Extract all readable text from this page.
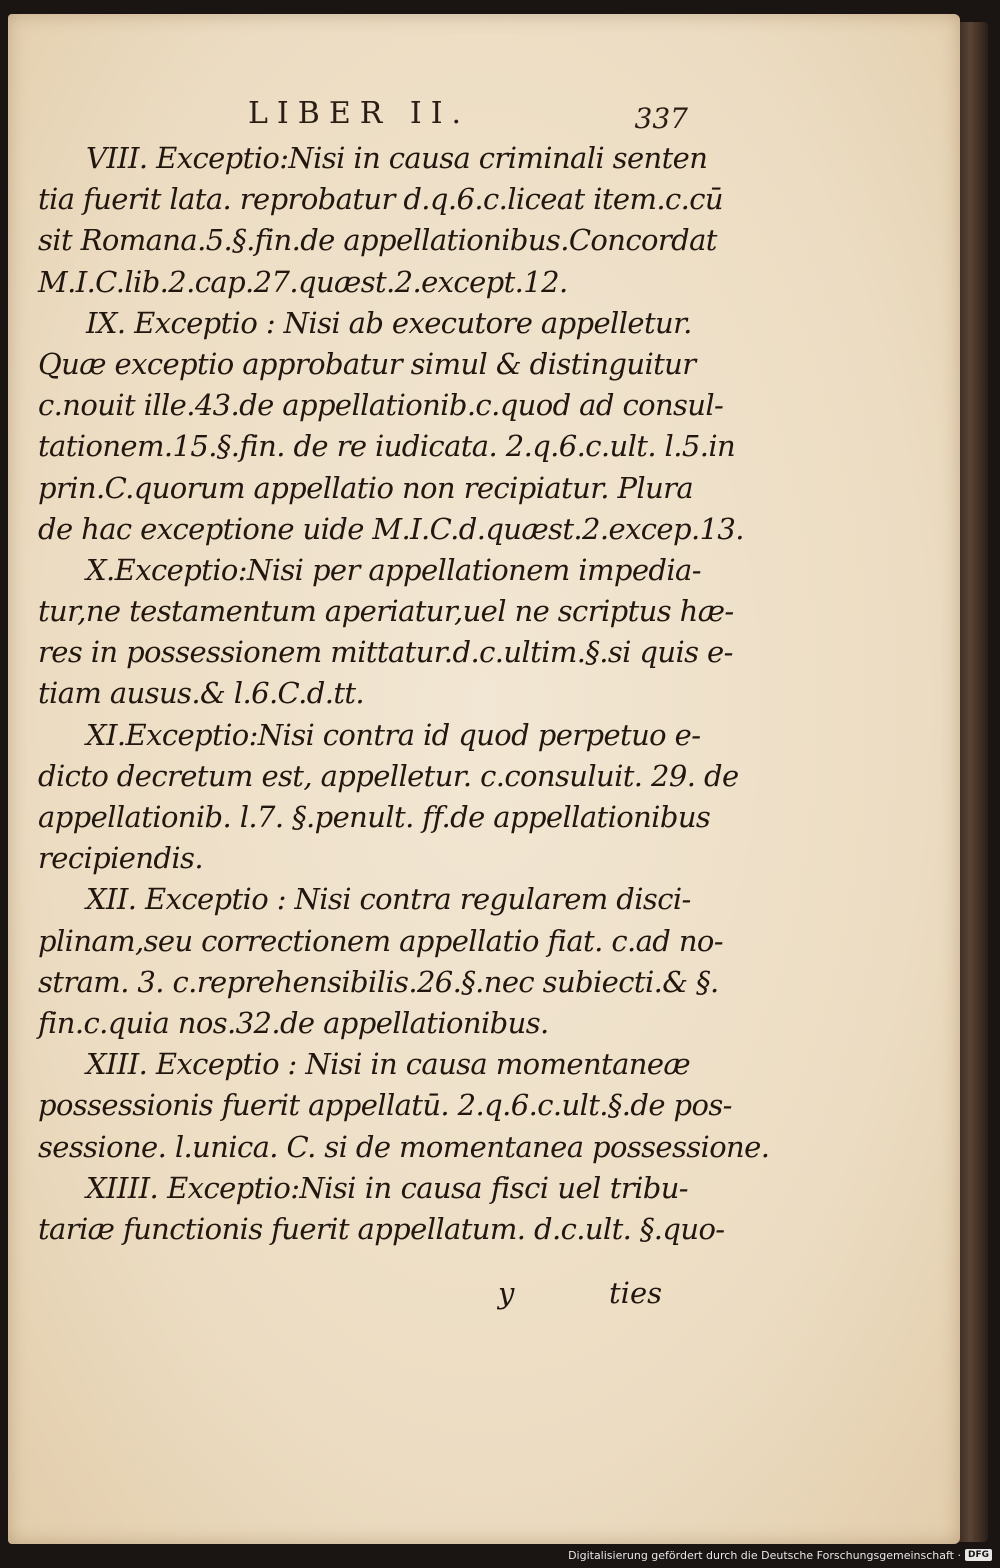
LIBER II.	337
VIII. Exceptio:Nisi in causa criminali senten
tia fuerit lata. reprobatur d.q.6.c.liceat item.c.cū
sit Romana.5.§.fin.de appellationibus.Concordat
M.I.C.lib.2.cap.27.quæst.2.except.12.
IX. Exceptio : Nisi ab executore appelletur.
Quæ exceptio approbatur simul & distinguitur
c.nouit ille.43.de appellationib.c.quod ad consul-
tationem.15.§.fin. de re iudicata. 2.q.6.c.ult. l.5.in
prin.C.quorum appellatio non recipiatur. Plura
de hac exceptione uide M.I.C.d.quæst.2.excep.13.
X.Exceptio:Nisi per appellationem impedia-
tur,ne testamentum aperiatur,uel ne scriptus hæ-
res in possessionem mittatur.d.c.ultim.§.si quis e-
tiam ausus.& l.6.C.d.tt.
XI.Exceptio:Nisi contra id quod perpetuo e-
dicto decretum est, appelletur. c.consuluit. 29. de
appellationib. l.7. §.penult. ff.de appellationibus
recipiendis.
XII. Exceptio : Nisi contra regularem disci-
plinam,seu correctionem appellatio fiat. c.ad no-
stram. 3. c.reprehensibilis.26.§.nec subiecti.& §.
fin.c.quia nos.32.de appellationibus.
XIII. Exceptio : Nisi in causa momentaneæ
possessionis fuerit appellatū. 2.q.6.c.ult.§.de pos-
sessione. l.unica. C. si de momentanea possessione.
XIIII. Exceptio:Nisi in causa fisci uel tribu-
tariæ functionis fuerit appellatum. d.c.ult. §.quo-
y	ties
Digitalisierung gefördert durch die Deutsche Forschungsgemeinschaft · DFG
